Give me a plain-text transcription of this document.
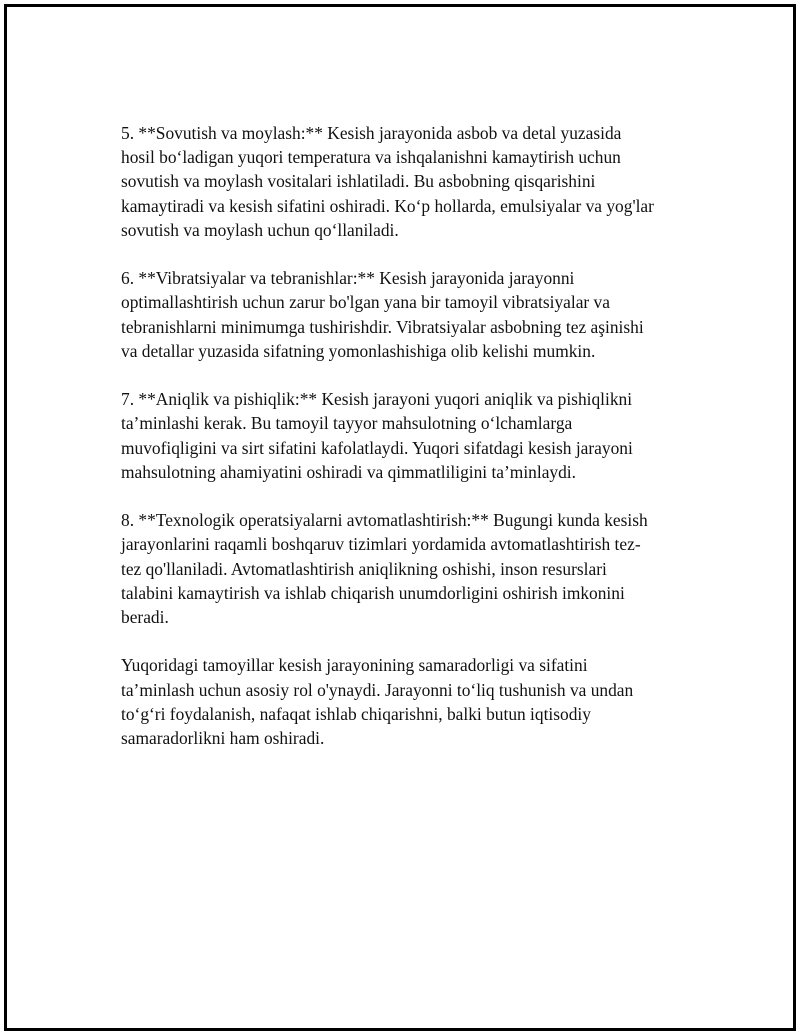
5. **Sovutish va moylash:** Kesish jarayonida asbob va detal yuzasida
hosil bo‘ladigan yuqori temperatura va ishqalanishni kamaytirish uchun
sovutish va moylash vositalari ishlatiladi. Bu asbobning qisqarishini
kamaytiradi va kesish sifatini oshiradi. Ko‘p hollarda, emulsiyalar va yog'lar
sovutish va moylash uchun qo‘llaniladi.

6. **Vibratsiyalar va tebranishlar:** Kesish jarayonida jarayonni
optimallashtirish uchun zarur bo'lgan yana bir tamoyil vibratsiyalar va
tebranishlarni minimumga tushirishdir. Vibratsiyalar asbobning tez aşinishi
va detallar yuzasida sifatning yomonlashishiga olib kelishi mumkin.

7. **Aniqlik va pishiqlik:** Kesish jarayoni yuqori aniqlik va pishiqlikni
ta’minlashi kerak. Bu tamoyil tayyor mahsulotning o‘lchamlarga
muvofiqligini va sirt sifatini kafolatlaydi. Yuqori sifatdagi kesish jarayoni
mahsulotning ahamiyatini oshiradi va qimmatliligini ta’minlaydi.

8. **Texnologik operatsiyalarni avtomatlashtirish:** Bugungi kunda kesish
jarayonlarini raqamli boshqaruv tizimlari yordamida avtomatlashtirish tez-
tez qo'llaniladi. Avtomatlashtirish aniqlikning oshishi, inson resurslari
talabini kamaytirish va ishlab chiqarish unumdorligini oshirish imkonini
beradi.

Yuqoridagi tamoyillar kesish jarayonining samaradorligi va sifatini
ta’minlash uchun asosiy rol o'ynaydi. Jarayonni to‘liq tushunish va undan
to‘g‘ri foydalanish, nafaqat ishlab chiqarishni, balki butun iqtisodiy
samaradorlikni ham oshiradi.
